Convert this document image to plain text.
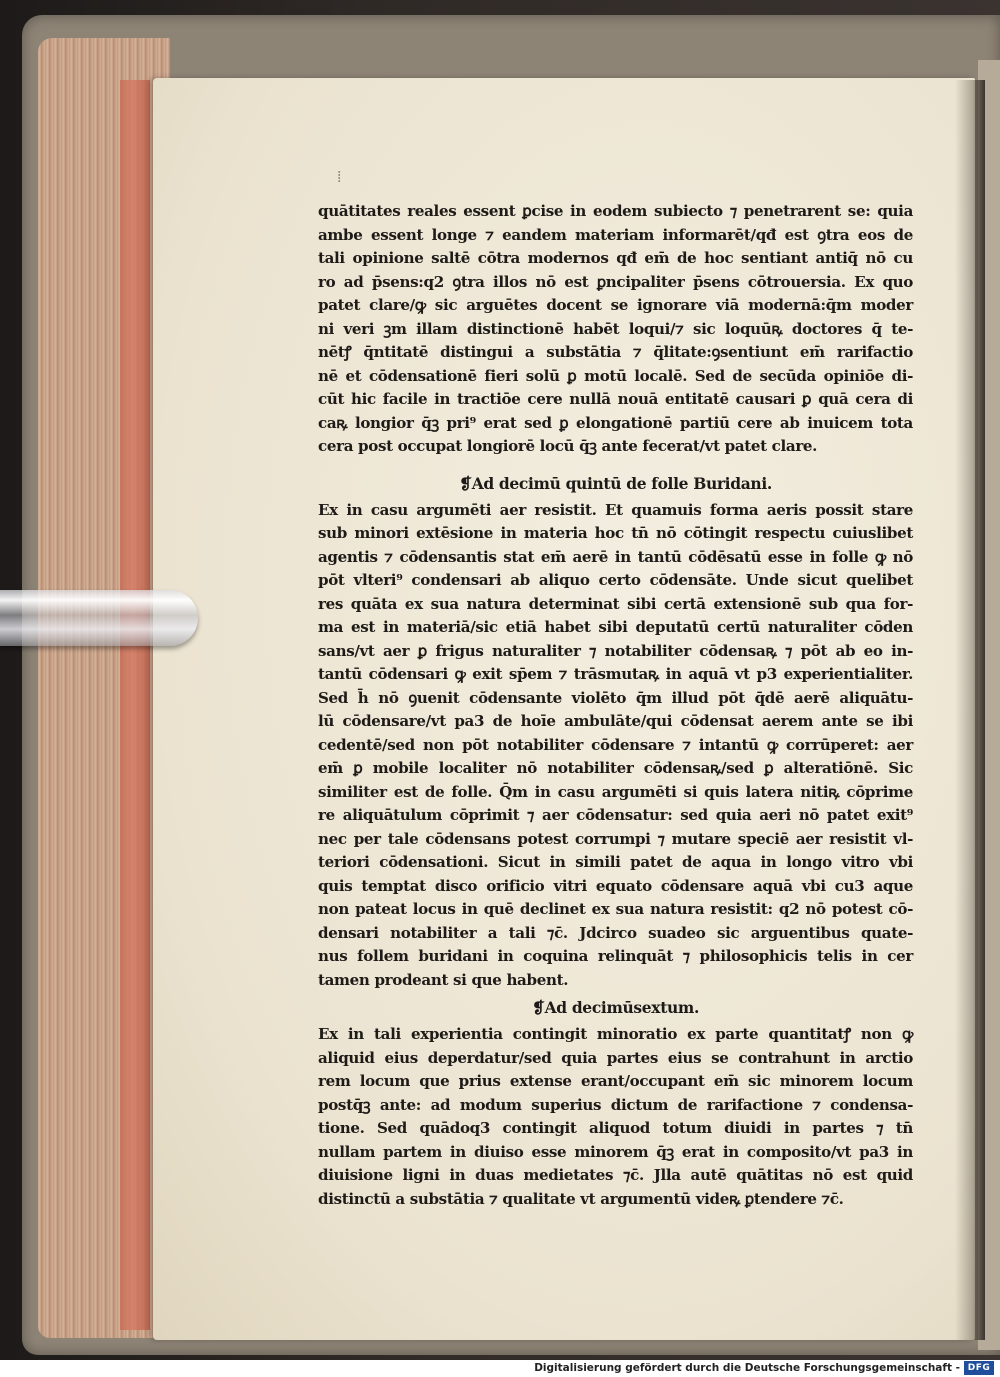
⁞
quātitates reales essent ꝑcise in eodem subiecto ⁊ penetrarent se: quia
ambe essent longe ⁊ eandem materiam informarēt/qđ est ꝯtra eos de
tali opinione saltē cōtra modernos qđ em̄ de hoc sentiant antiq̄ nō cu
ro ad p̄sens:q2 ꝯtra illos nō est ꝑncipaliter p̄sens cōtrouersia. Ex quo
patet clare/ꝙ sic arguētes docent se ignorare viā modernā:q̄m moder
ni veri ꝫm illam distinctionē habēt loqui/⁊ sic loquūꝶ doctores q̄ te-
nētꝭ q̄ntitatē distingui a substātia ⁊ q̄litate:ꝯsentiunt em̄ rarifactio
nē et cōdensationē fieri solū ꝑ motū localē. Sed de secūda opiniōe di-
cūt hic facile in tractiōe cere nullā nouā entitatē causari ꝑ quā cera di
caꝶ longior q̄ꝫ pri⁹ erat sed ꝑ elongationē partiū cere ab inuicem tota
cera post occupat longiorē locū q̄ꝫ ante fecerat/vt patet clare.
❡Ad decimū quintū de folle Buridani.
Ex in casu argumēti aer resistit. Et quamuis forma aeris possit stare
sub minori extēsione in materia hoc tn̄ nō cōtingit respectu cuiuslibet
agentis ⁊ cōdensantis stat em̄ aerē in tantū cōdēsatū esse in folle ꝙ nō
pōt vlteri⁹ condensari ab aliquo certo cōdensāte. Unde sicut quelibet
res quāta ex sua natura determinat sibi certā extensionē sub qua for-
ma est in materiā/sic etiā habet sibi deputatū certū naturaliter cōden
sans/vt aer ꝑ frigus naturaliter ⁊ notabiliter cōdensaꝶ ⁊ pōt ab eo in-
tantū cōdensari ꝙ exit sp̄em ⁊ trāsmutaꝶ in aquā vt p3 experientialiter.
Sed h̄ nō ꝯuenit cōdensante violēto q̄m illud pōt q̄dē aerē aliquātu-
lū cōdensare/vt pa3 de hoīe ambulāte/qui cōdensat aerem ante se ibi
cedentē/sed non pōt notabiliter cōdensare ⁊ intantū ꝙ corrūperet: aer
em̄ ꝑ mobile localiter nō notabiliter cōdensaꝶ/sed ꝑ alteratiōnē. Sic
similiter est de folle. Q̄m in casu argumēti si quis latera nitiꝶ cōprime
re aliquātulum cōprimit ⁊ aer cōdensatur: sed quia aeri nō patet exit⁹
nec per tale cōdensans potest corrumpi ⁊ mutare speciē aer resistit vl-
teriori cōdensationi. Sicut in simili patet de aqua in longo vitro vbi
quis temptat disco orificio vitri equato cōdensare aquā vbi cu3 aque
non pateat locus in quē declinet ex sua natura resistit: q2 nō potest cō-
densari notabiliter a tali ⁊c̄. Jdcirco suadeo sic arguentibus quate-
nus follem buridani in coquina relinquāt ⁊ philosophicis telis in cer
tamen prodeant si que habent.
❡Ad decimūsextum.
Ex in tali experientia contingit minoratio ex parte quantitatꝭ non ꝙ
aliquid eius deperdatur/sed quia partes eius se contrahunt in arctio
rem locum que prius extense erant/occupant em̄ sic minorem locum
postq̄ꝫ ante: ad modum superius dictum de rarifactione ⁊ condensa-
tione. Sed quādoq3 contingit aliquod totum diuidi in partes ⁊ tn̄
nullam partem in diuiso esse minorem q̄ꝫ erat in composito/vt pa3 in
diuisione ligni in duas medietates ⁊c̄. Jlla autē quātitas nō est quid
distinctū a substātia ⁊ qualitate vt argumentū videꝶ ꝑtendere ⁊c̄.
Digitalisierung gefördert durch die Deutsche Forschungsgemeinschaft - DFG
